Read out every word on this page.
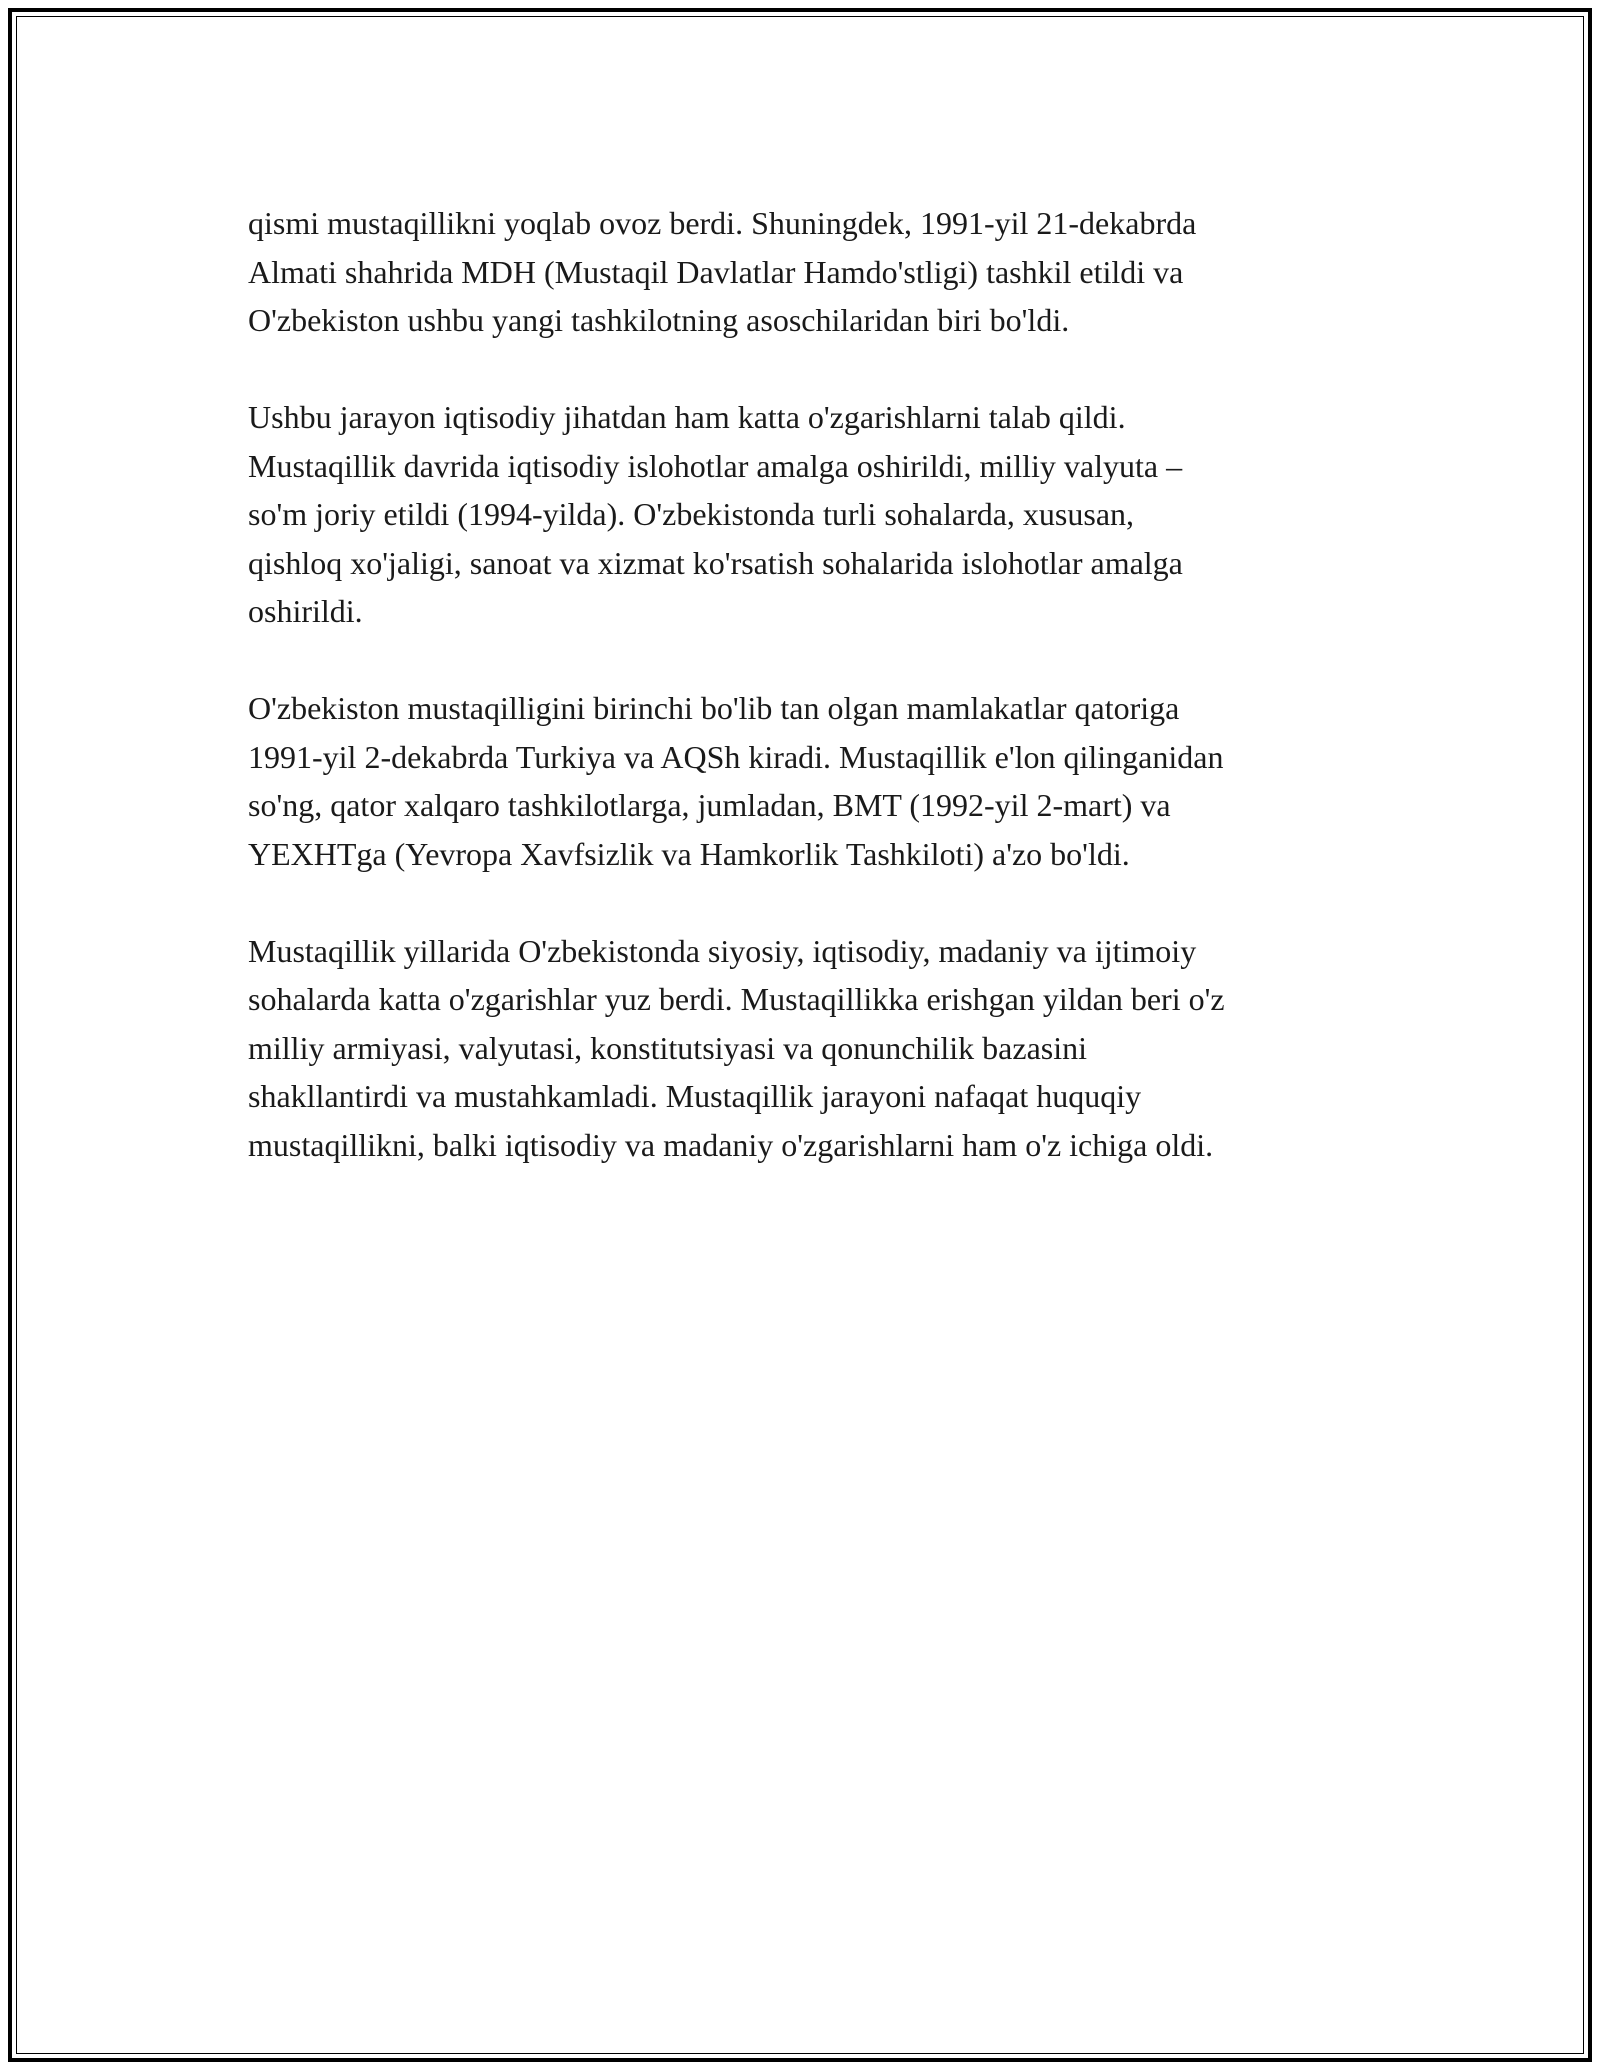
qismi mustaqillikni yoqlab ovoz berdi. Shuningdek, 1991-yil 21-dekabrda
Almati shahrida MDH (Mustaqil Davlatlar Hamdo'stligi) tashkil etildi va
O'zbekiston ushbu yangi tashkilotning asoschilaridan biri bo'ldi.

Ushbu jarayon iqtisodiy jihatdan ham katta o'zgarishlarni talab qildi.
Mustaqillik davrida iqtisodiy islohotlar amalga oshirildi, milliy valyuta –
so'm joriy etildi (1994-yilda). O'zbekistonda turli sohalarda, xususan,
qishloq xo'jaligi, sanoat va xizmat ko'rsatish sohalarida islohotlar amalga
oshirildi.

O'zbekiston mustaqilligini birinchi bo'lib tan olgan mamlakatlar qatoriga
1991-yil 2-dekabrda Turkiya va AQSh kiradi. Mustaqillik e'lon qilinganidan
so'ng, qator xalqaro tashkilotlarga, jumladan, BMT (1992-yil 2-mart) va
YEXHTga (Yevropa Xavfsizlik va Hamkorlik Tashkiloti) a'zo bo'ldi.

Mustaqillik yillarida O'zbekistonda siyosiy, iqtisodiy, madaniy va ijtimoiy
sohalarda katta o'zgarishlar yuz berdi. Mustaqillikka erishgan yildan beri o'z
milliy armiyasi, valyutasi, konstitutsiyasi va qonunchilik bazasini
shakllantirdi va mustahkamladi. Mustaqillik jarayoni nafaqat huquqiy
mustaqillikni, balki iqtisodiy va madaniy o'zgarishlarni ham o'z ichiga oldi.
